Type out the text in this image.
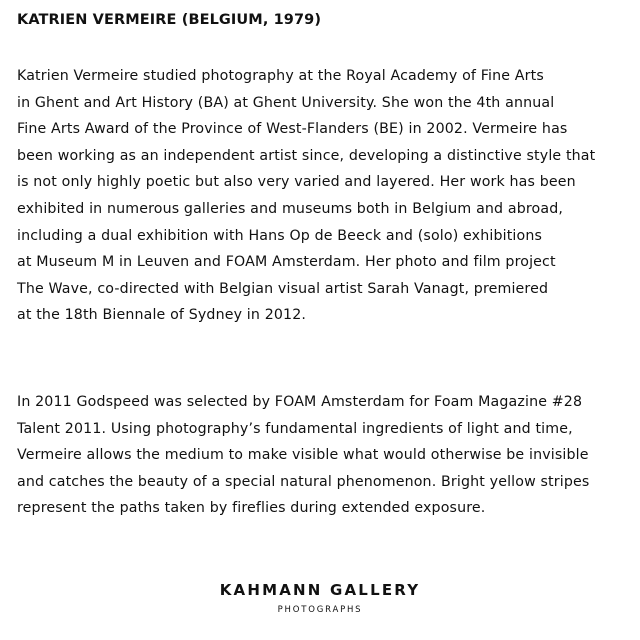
KATRIEN VERMEIRE (BELGIUM, 1979)
Katrien Vermeire studied photography at the Royal Academy of Fine Arts
in Ghent and Art History (BA) at Ghent University. She won the 4th annual
Fine Arts Award of the Province of West-Flanders (BE) in 2002. Vermeire has
been working as an independent artist since, developing a distinctive style that
is not only highly poetic but also very varied and layered. Her work has been
exhibited in numerous galleries and museums both in Belgium and abroad,
including a dual exhibition with Hans Op de Beeck and (solo) exhibitions
at Museum M in Leuven and FOAM Amsterdam. Her photo and film project
The Wave, co-directed with Belgian visual artist Sarah Vanagt, premiered
at the 18th Biennale of Sydney in 2012.
In 2011 Godspeed was selected by FOAM Amsterdam for Foam Magazine #28
Talent 2011. Using photography’s fundamental ingredients of light and time,
Vermeire allows the medium to make visible what would otherwise be invisible
and catches the beauty of a special natural phenomenon. Bright yellow stripes
represent the paths taken by fireflies during extended exposure.
KAHMANN GALLERY
PHOTOGRAPHS
